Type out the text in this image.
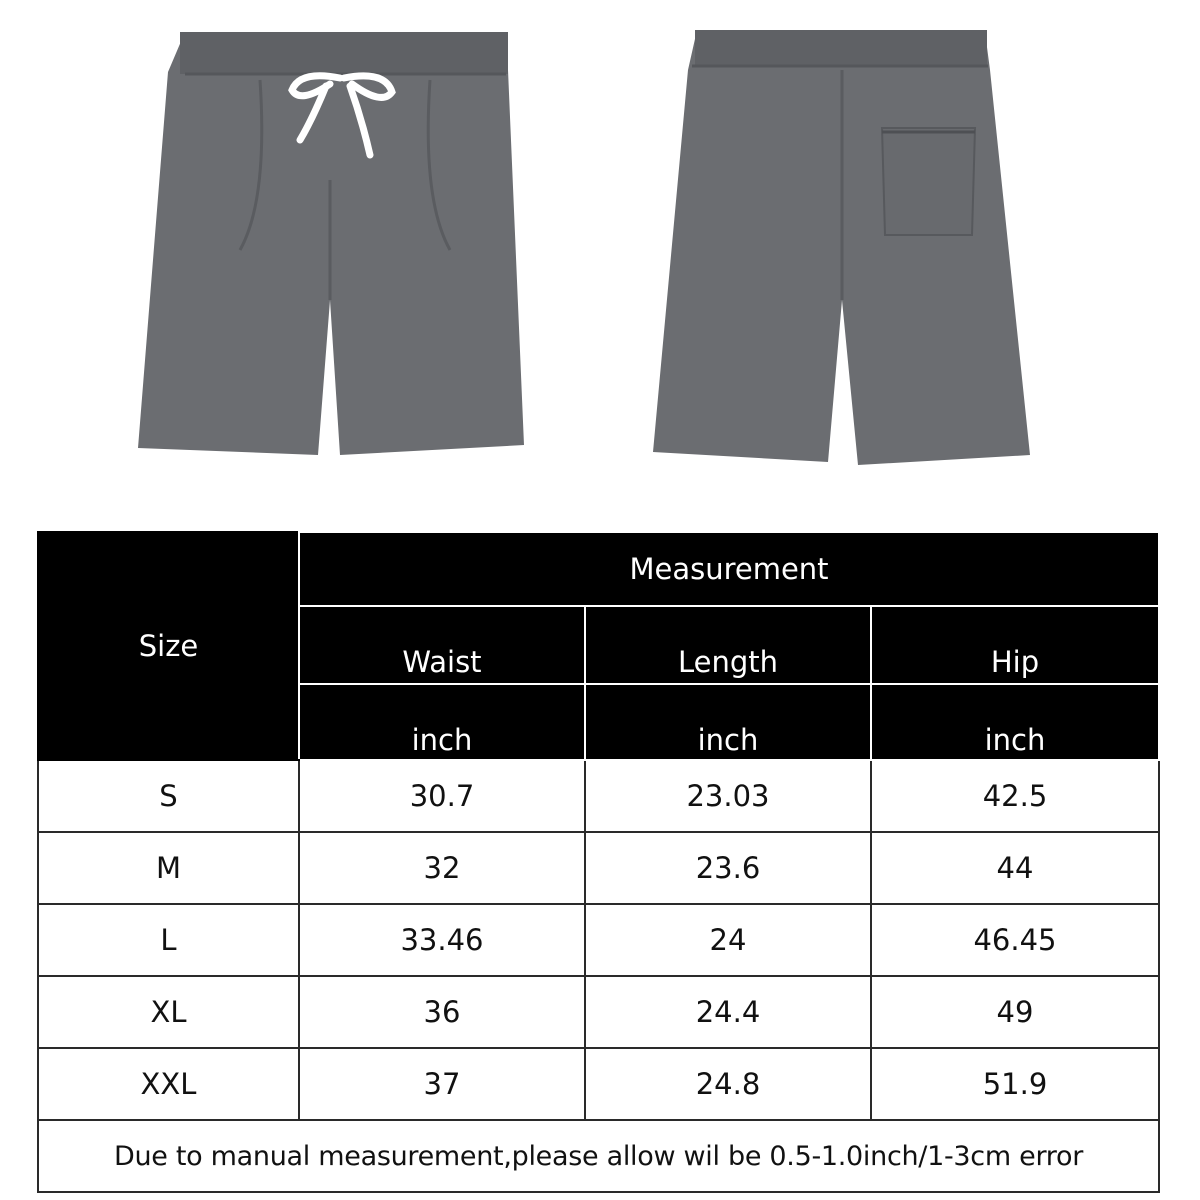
Size	Measurement		
	Waist	Length	Hip
	inch	inch	inch
S	30.7	23.03	42.5
M	32	23.6	44
L	33.46	24	46.45
XL	36	24.4	49
XXL	37	24.8	51.9
Due to manual measurement,please allow wil be 0.5-1.0inch/1-3cm error			
